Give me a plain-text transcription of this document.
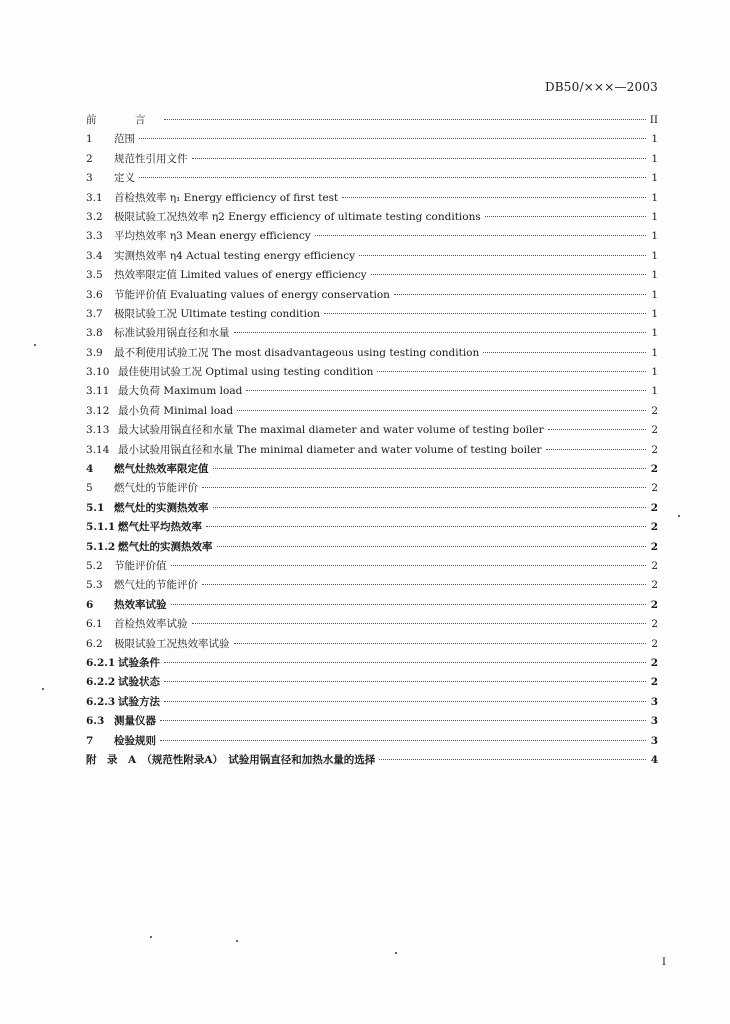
DB50/×××—2003
前　言	II
1	范围	1
2	规范性引用文件	1
3	定义	1
3.1	首检热效率 η₁ Energy efficiency of first test	1
3.2	极限试验工况热效率 η2 Energy efficiency of ultimate testing conditions	1
3.3	平均热效率 η3 Mean energy efficiency	1
3.4	实测热效率 η4 Actual testing energy efficiency	1
3.5	热效率限定值 Limited values of energy efficiency	1
3.6	节能评价值 Evaluating values of energy conservation	1
3.7	极限试验工况 Ultimate testing condition	1
3.8	标准试验用锅直径和水量	1
3.9	最不利使用试验工况 The most disadvantageous using testing condition	1
3.10 最佳使用试验工况 Optimal using testing condition	1
3.11 最大负荷 Maximum load	1
3.12 最小负荷 Minimal load	2
3.13 最大试验用锅直径和水量 The maximal diameter and water volume of testing boiler	2
3.14 最小试验用锅直径和水量 The minimal diameter and water volume of testing boiler	2
4	燃气灶热效率限定值	2
5	燃气灶的节能评价	2
5.1 燃气灶的实测热效率	2
5.1.1 燃气灶平均热效率	2
5.1.2 燃气灶的实测热效率	2
5.2	节能评价值	2
5.3	燃气灶的节能评价	2
6	热效率试验	2
6.1	首检热效率试验	2
6.2	极限试验工况热效率试验	2
6.2.1 试验条件	2
6.2.2 试验状态	2
6.2.3 试验方法	3
6.3 测量仪器	3
7	检验规则	3
附　录　A　（规范性附录A）　试验用锅直径和加热水量的选择	4
I
